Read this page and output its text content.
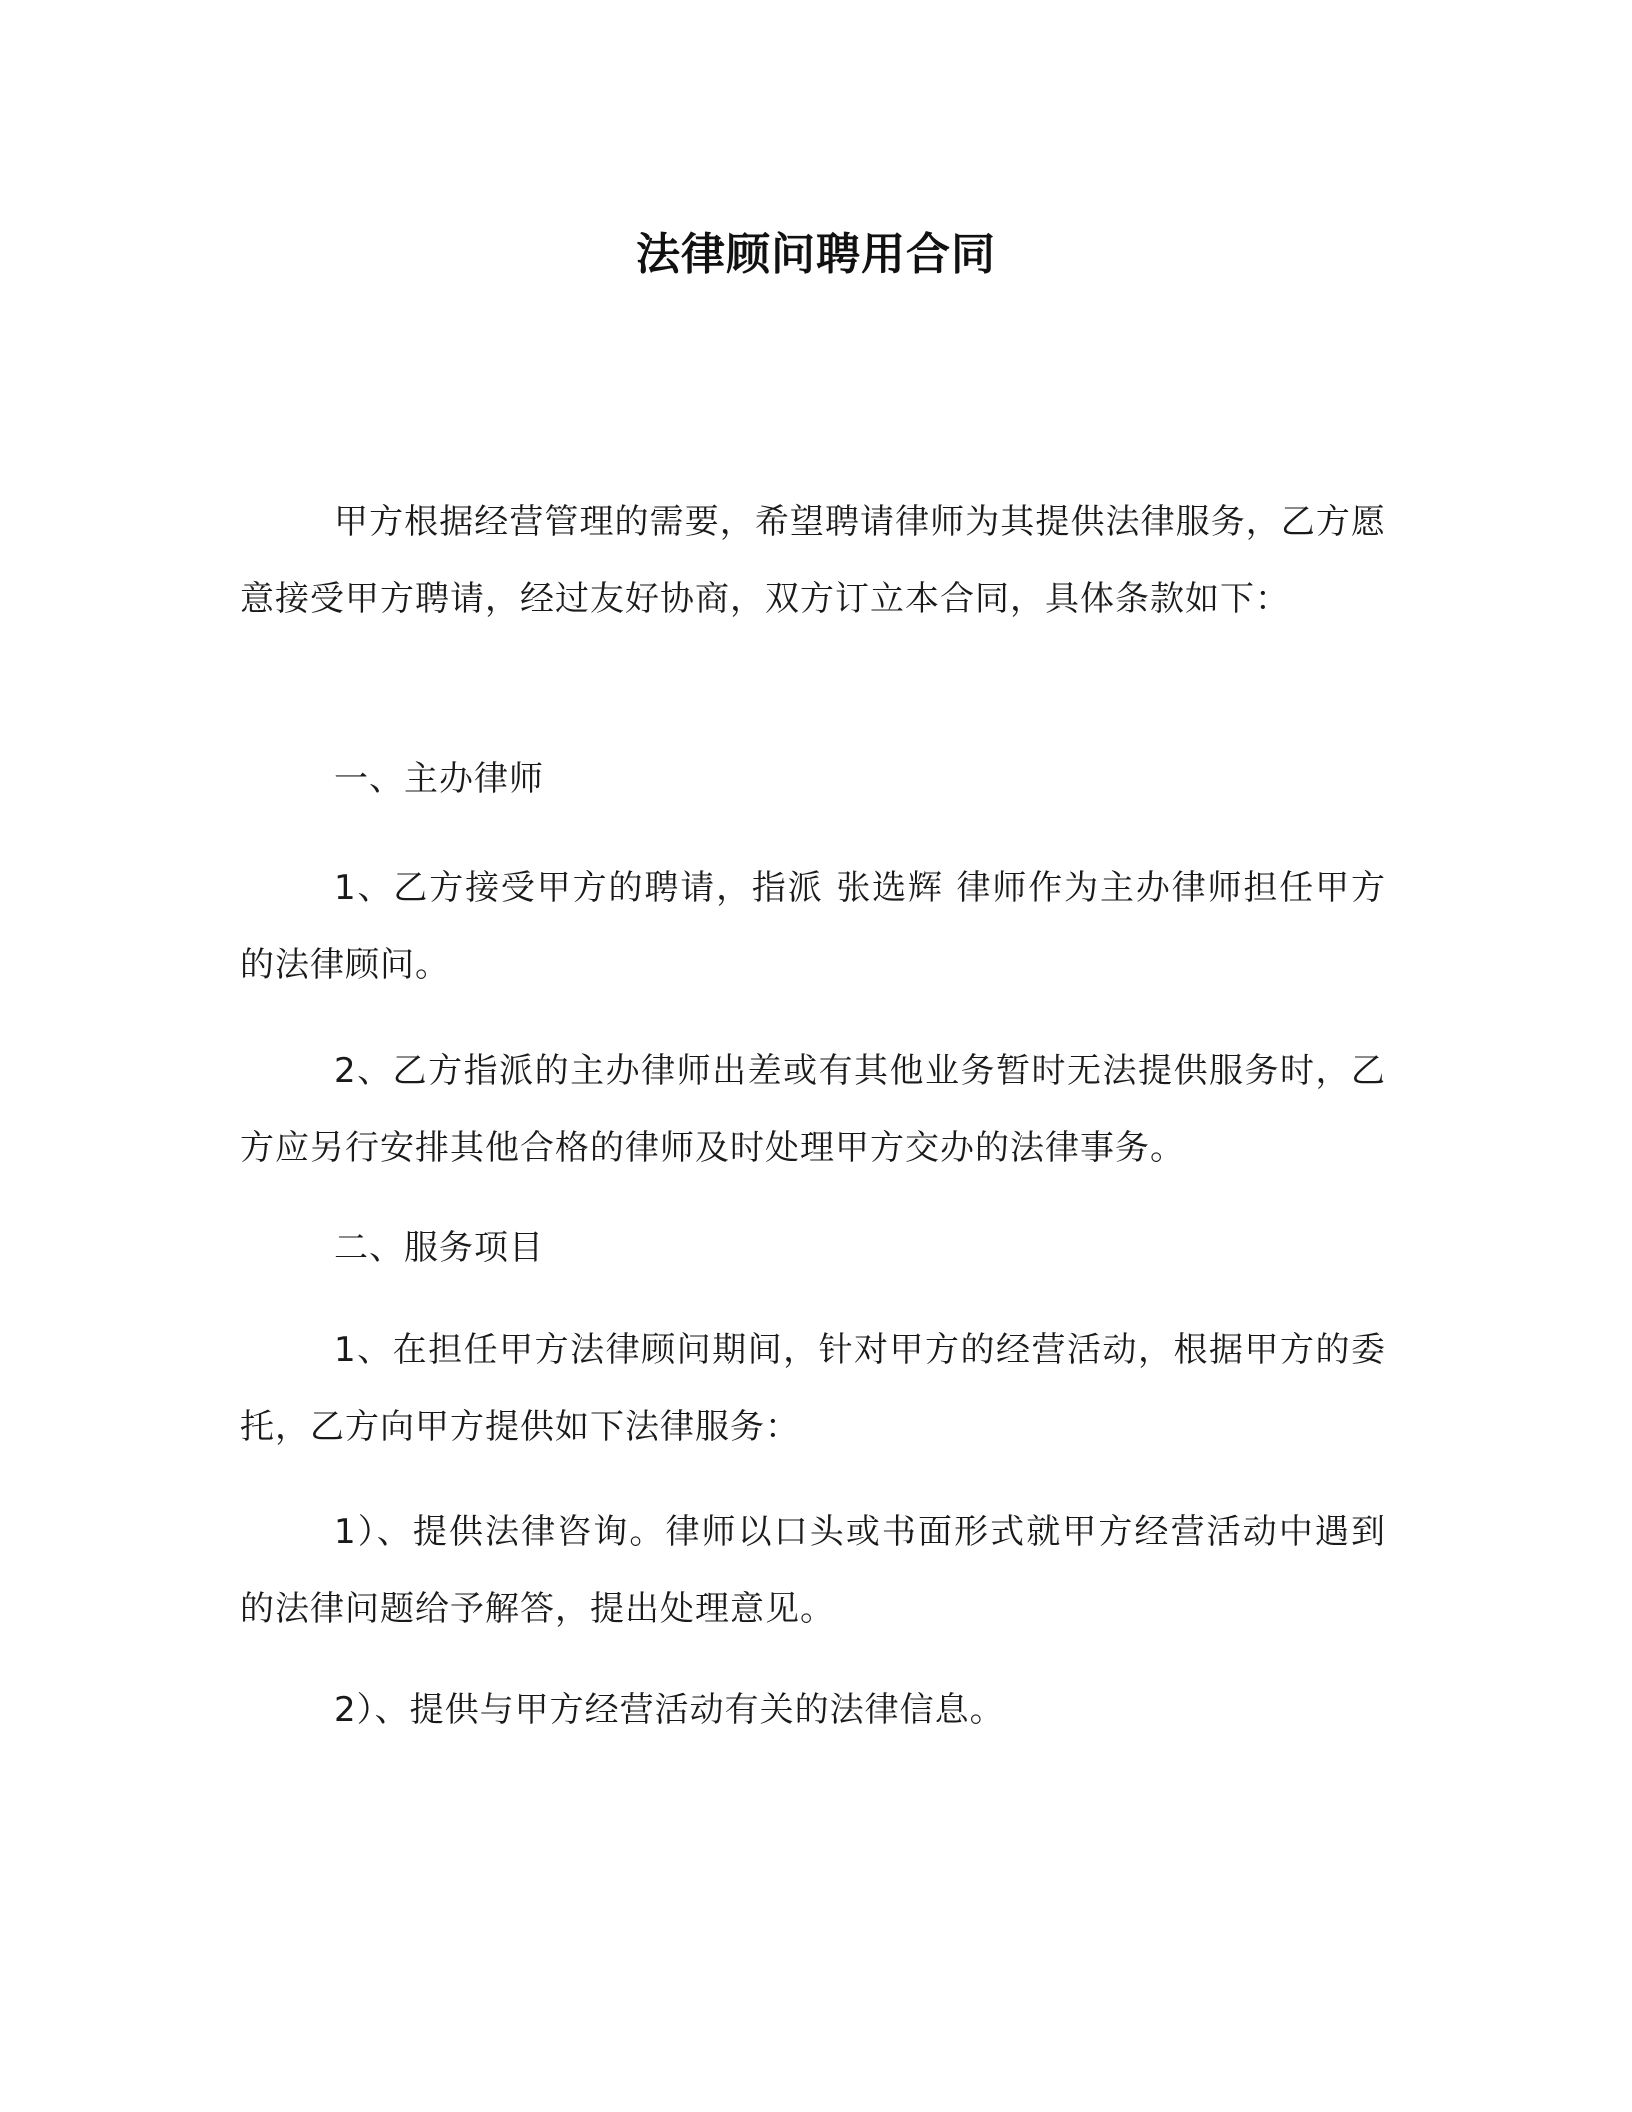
法律顾问聘用合同

甲方根据经营管理的需要，希望聘请律师为其提供法律服务，乙方愿意接受甲方聘请，经过友好协商，双方订立本合同，具体条款如下：

一、主办律师

1、乙方接受甲方的聘请，指派 张选辉 律师作为主办律师担任甲方的法律顾问。

2、乙方指派的主办律师出差或有其他业务暂时无法提供服务时，乙方应另行安排其他合格的律师及时处理甲方交办的法律事务。

二、服务项目

1、在担任甲方法律顾问期间，针对甲方的经营活动，根据甲方的委托，乙方向甲方提供如下法律服务：

1）、提供法律咨询。律师以口头或书面形式就甲方经营活动中遇到的法律问题给予解答，提出处理意见。

2）、提供与甲方经营活动有关的法律信息。
